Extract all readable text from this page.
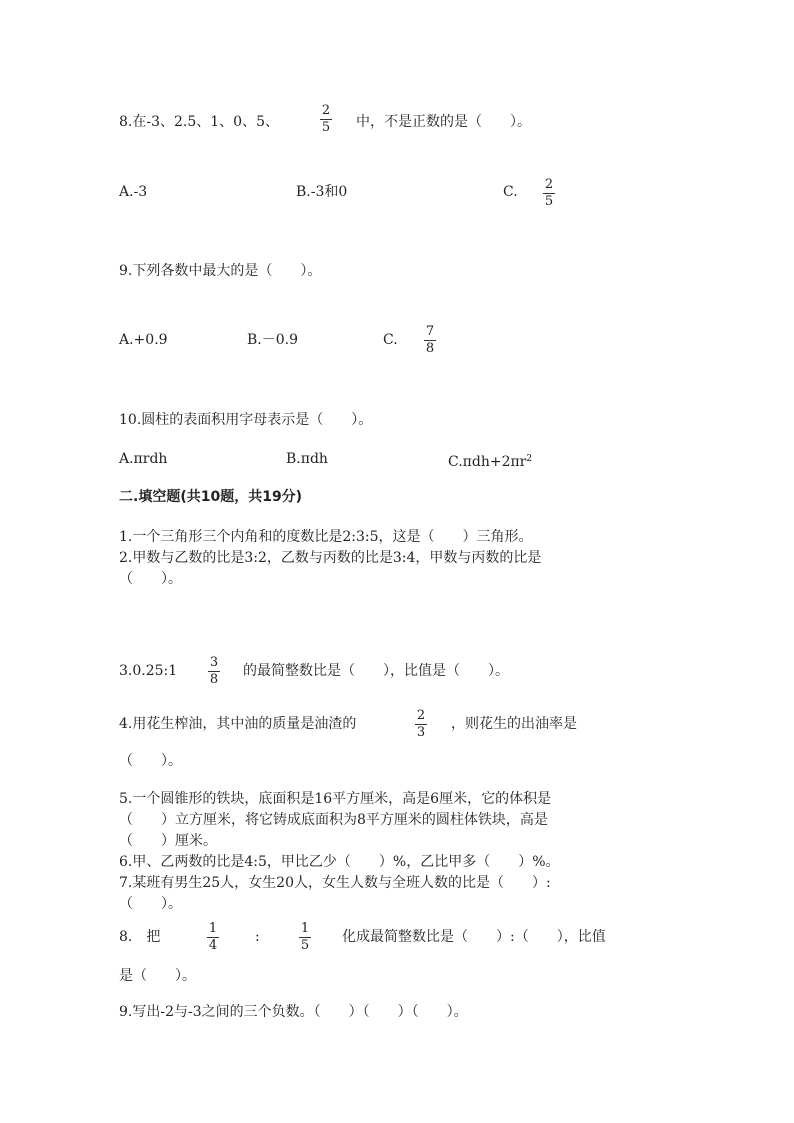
8.在-3、2.5、1、0、5、
2
5 中，不是正数的是（　　）。
A.-3	B.-3和0	C. 2
5
9.下列各数中最大的是（　　）。
A.+0.9	B.－0.9	C.
7
8
10.圆柱的表面积用字母表示是（　　）。
A.πrdh	B.πdh	$C.\pi dh+2\pi r^2$
二.填空题(共10题，共19分)
1.一个三角形三个内角和的度数比是2:3:5，这是（　　）三角形。
2.甲数与乙数的比是3:2，乙数与丙数的比是3:4，甲数与丙数的比是
（　　）。
3.0.25:1
3
8
的最简整数比是（　　），比值是（　　）。
4.用花生榨油，其中油的质量是油渣的
2
3
，则花生的出油率是
（　　）。
5.一个圆锥形的铁块，底面积是16平方厘米，高是6厘米，它的体积是
（　　）立方厘米，将它铸成底面积为8平方厘米的圆柱体铁块，高是
（　　）厘米。
6.甲、乙两数的比是4:5，甲比乙少（　　）%，乙比甲多（　　）%。
7.某班有男生25人，女生20人，女生人数与全班人数的比是（　　）:
（　　）。
8.　把
1
4
:
1
5
化成最简整数比是（　　）:（　　），比值
是（　　）。
9.写出-2与-3之间的三个负数。（　　）（　　）（　　）。
